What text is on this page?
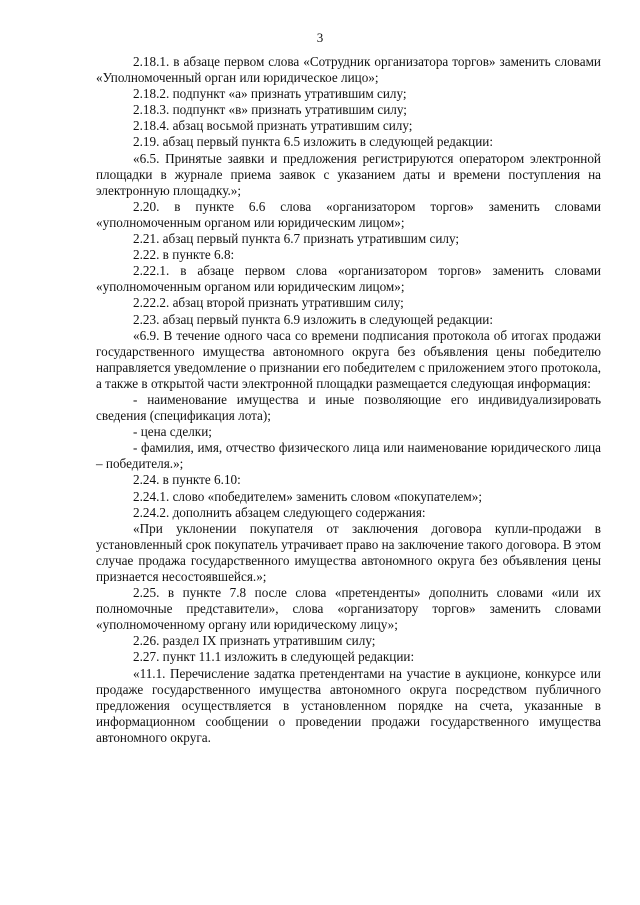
3

2.18.1. в абзаце первом слова «Сотрудник организатора торгов» заменить словами «Уполномоченный орган или юридическое лицо»;

2.18.2. подпункт «а» признать утратившим силу;

2.18.3. подпункт «в» признать утратившим силу;

2.18.4. абзац восьмой признать утратившим силу;

2.19. абзац первый пункта 6.5 изложить в следующей редакции:

«6.5. Принятые заявки и предложения регистрируются оператором электронной площадки в журнале приема заявок с указанием даты и времени поступления на электронную площадку.»;

2.20. в пункте 6.6 слова «организатором торгов» заменить словами «уполномоченным органом или юридическим лицом»;

2.21. абзац первый пункта 6.7 признать утратившим силу;

2.22. в пункте 6.8:

2.22.1. в абзаце первом слова «организатором торгов» заменить словами «уполномоченным органом или юридическим лицом»;

2.22.2. абзац второй признать утратившим силу;

2.23. абзац первый пункта 6.9 изложить в следующей редакции:

«6.9. В течение одного часа со времени подписания протокола об итогах продажи государственного имущества автономного округа без объявления цены победителю направляется уведомление о признании его победителем с приложением этого протокола, а также в открытой части электронной площадки размещается следующая информация:

- наименование имущества и иные позволяющие его индивидуализировать сведения (спецификация лота);

- цена сделки;

- фамилия, имя, отчество физического лица или наименование юридического лица – победителя.»;

2.24. в пункте 6.10:

2.24.1. слово «победителем» заменить словом «покупателем»;

2.24.2. дополнить абзацем следующего содержания:

«При уклонении покупателя от заключения договора купли-продажи в установленный срок покупатель утрачивает право на заключение такого договора. В этом случае продажа государственного имущества автономного округа без объявления цены признается несостоявшейся.»;

2.25. в пункте 7.8 после слова «претенденты» дополнить словами «или их полномочные представители», слова «организатору торгов» заменить словами «уполномоченному органу или юридическому лицу»;

2.26. раздел IX признать утратившим силу;

2.27. пункт 11.1 изложить в следующей редакции:

«11.1. Перечисление задатка претендентами на участие в аукционе, конкурсе или продаже государственного имущества автономного округа посредством публичного предложения осуществляется в установленном порядке на счета, указанные в информационном сообщении о проведении продажи государственного имущества автономного округа.
